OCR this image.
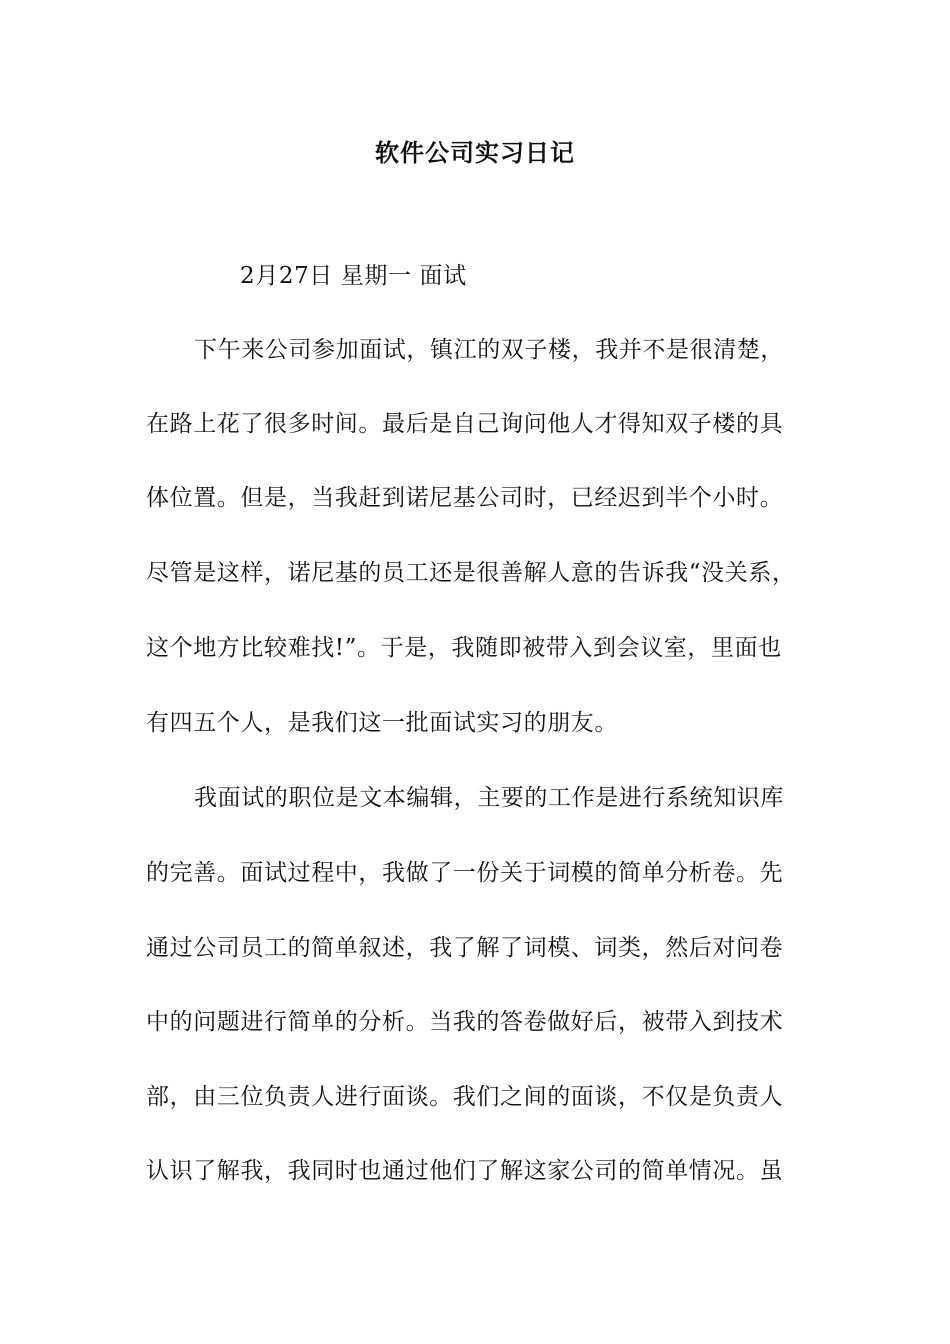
软件公司实习日记
2月27日 星期一 面试
下午来公司参加面试，镇江的双子楼，我并不是很清楚，
在路上花了很多时间。最后是自己询问他人才得知双子楼的具
体位置。但是，当我赶到诺尼基公司时，已经迟到半个小时。
尽管是这样，诺尼基的员工还是很善解人意的告诉我“没关系，
这个地方比较难找!”。于是，我随即被带入到会议室，里面也
有四五个人，是我们这一批面试实习的朋友。
我面试的职位是文本编辑，主要的工作是进行系统知识库
的完善。面试过程中，我做了一份关于词模的简单分析卷。先
通过公司员工的简单叙述，我了解了词模、词类，然后对问卷
中的问题进行简单的分析。当我的答卷做好后，被带入到技术
部，由三位负责人进行面谈。我们之间的面谈，不仅是负责人
认识了解我，我同时也通过他们了解这家公司的简单情况。虽
